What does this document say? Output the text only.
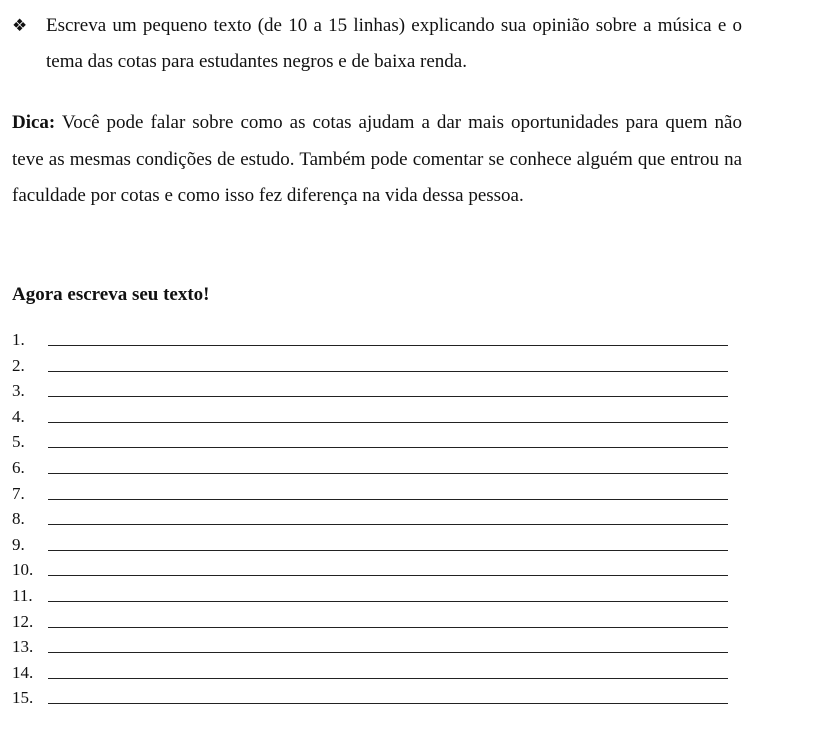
❖ Escreva um pequeno texto (de 10 a 15 linhas) explicando sua opinião sobre a música e o tema das cotas para estudantes negros e de baixa renda.
Dica: Você pode falar sobre como as cotas ajudam a dar mais oportunidades para quem não teve as mesmas condições de estudo. Também pode comentar se conhece alguém que entrou na faculdade por cotas e como isso fez diferença na vida dessa pessoa.
Agora escreva seu texto!
1.
2.
3.
4.
5.
6.
7.
8.
9.
10.
11.
12.
13.
14.
15.
